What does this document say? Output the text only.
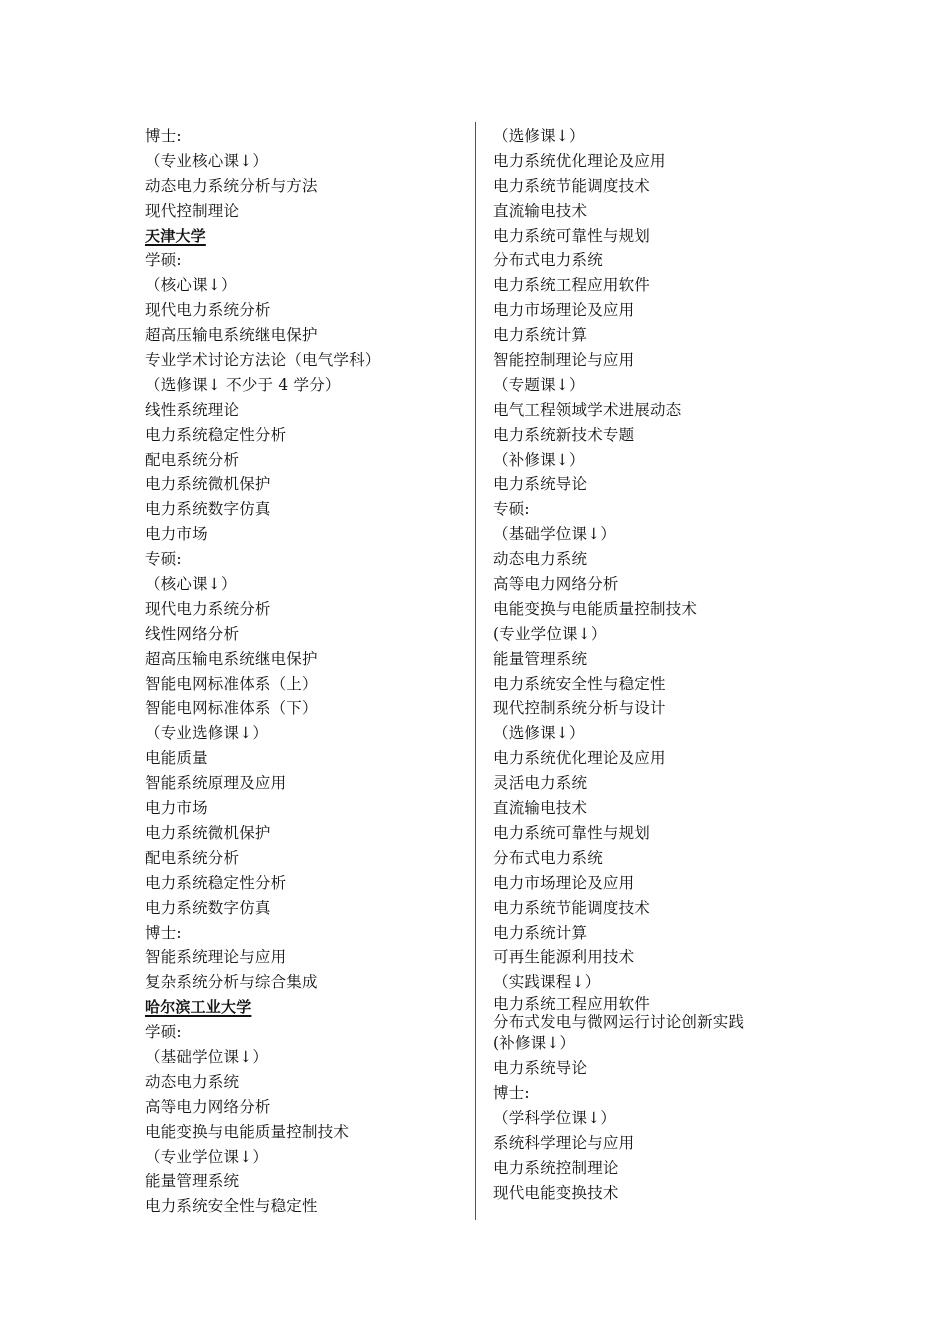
博士:
（专业核心课↓）
动态电力系统分析与方法
现代控制理论
天津大学
学硕:
（核心课↓）
现代电力系统分析
超高压输电系统继电保护
专业学术讨论方法论（电气学科）
（选修课↓ 不少于 4 学分）
线性系统理论
电力系统稳定性分析
配电系统分析
电力系统微机保护
电力系统数字仿真
电力市场
专硕:
（核心课↓）
现代电力系统分析
线性网络分析
超高压输电系统继电保护
智能电网标准体系（上）
智能电网标准体系（下）
（专业选修课↓）
电能质量
智能系统原理及应用
电力市场
电力系统微机保护
配电系统分析
电力系统稳定性分析
电力系统数字仿真
博士:
智能系统理论与应用
复杂系统分析与综合集成
哈尔滨工业大学
学硕:
（基础学位课↓）
动态电力系统
高等电力网络分析
电能变换与电能质量控制技术
（专业学位课↓）
能量管理系统
电力系统安全性与稳定性
（选修课↓）
电力系统优化理论及应用
电力系统节能调度技术
直流输电技术
电力系统可靠性与规划
分布式电力系统
电力系统工程应用软件
电力市场理论及应用
电力系统计算
智能控制理论与应用
（专题课↓）
电气工程领域学术进展动态
电力系统新技术专题
（补修课↓）
电力系统导论
专硕:
（基础学位课↓）
动态电力系统
高等电力网络分析
电能变换与电能质量控制技术
(专业学位课↓）
能量管理系统
电力系统安全性与稳定性
现代控制系统分析与设计
（选修课↓）
电力系统优化理论及应用
灵活电力系统
直流输电技术
电力系统可靠性与规划
分布式电力系统
电力市场理论及应用
电力系统节能调度技术
电力系统计算
可再生能源利用技术
（实践课程↓）
电力系统工程应用软件
分布式发电与微网运行讨论创新实践
(补修课↓）
电力系统导论
博士:
（学科学位课↓）
系统科学理论与应用
电力系统控制理论
现代电能变换技术
